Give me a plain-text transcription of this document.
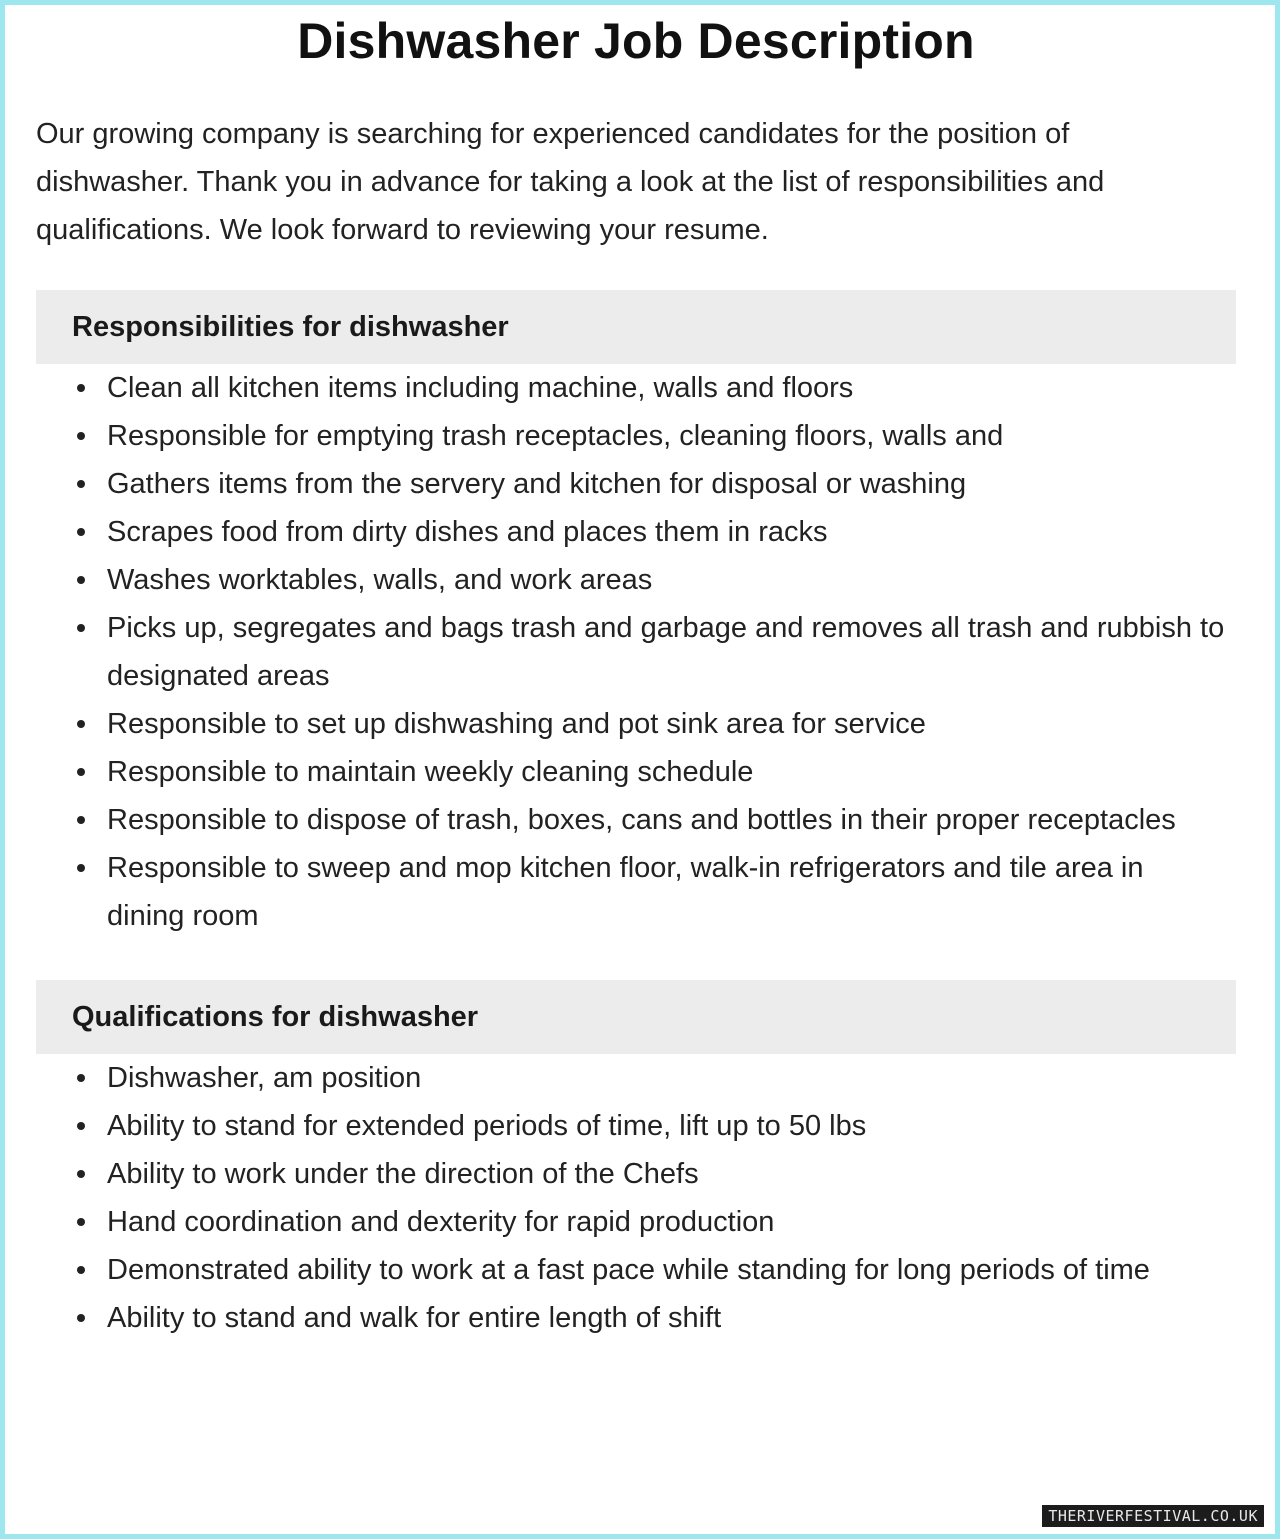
Dishwasher Job Description

Our growing company is searching for experienced candidates for the position of dishwasher. Thank you in advance for taking a look at the list of responsibilities and qualifications. We look forward to reviewing your resume.

Responsibilities for dishwasher
Clean all kitchen items including machine, walls and floors
Responsible for emptying trash receptacles, cleaning floors, walls and
Gathers items from the servery and kitchen for disposal or washing
Scrapes food from dirty dishes and places them in racks
Washes worktables, walls, and work areas
Picks up, segregates and bags trash and garbage and removes all trash and rubbish to designated areas
Responsible to set up dishwashing and pot sink area for service
Responsible to maintain weekly cleaning schedule
Responsible to dispose of trash, boxes, cans and bottles in their proper receptacles
Responsible to sweep and mop kitchen floor, walk-in refrigerators and tile area in dining room
Qualifications for dishwasher
Dishwasher, am position
Ability to stand for extended periods of time, lift up to 50 lbs
Ability to work under the direction of the Chefs
Hand coordination and dexterity for rapid production
Demonstrated ability to work at a fast pace while standing for long periods of time
Ability to stand and walk for entire length of shift
THERIVERFESTIVAL.CO.UK
